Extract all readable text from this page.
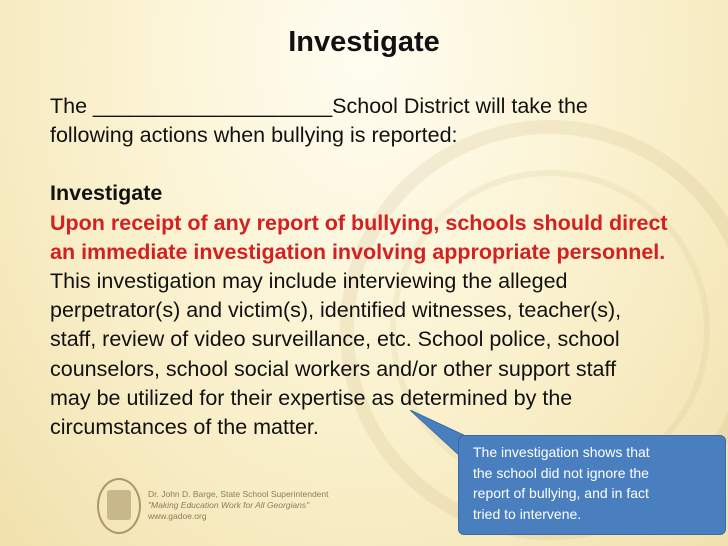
Investigate

The ____________________School District will take the

following actions when bullying is reported:

Investigate

Upon receipt of any report of bullying, schools should direct

an immediate investigation involving appropriate personnel.

This investigation may include interviewing the alleged

perpetrator(s) and victim(s), identified witnesses, teacher(s),

staff, review of video surveillance, etc. School police, school

counselors, school social workers and/or other support staff

may be utilized for their expertise as determined by the

circumstances of the matter.

The investigation shows that
the school did not ignore the
report of bullying, and in fact
tried to intervene.
Dr. John D. Barge, State School Superintendent
"Making Education Work for All Georgians"
www.gadoe.org
